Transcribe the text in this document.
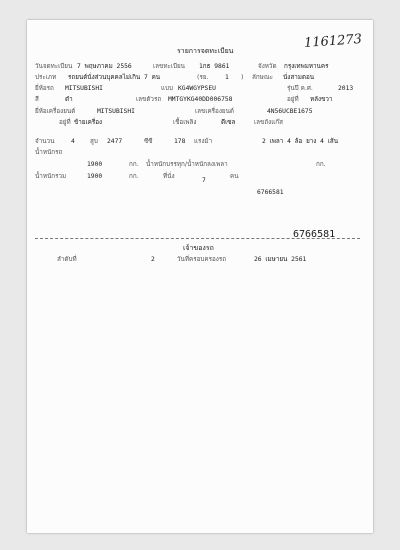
1161273
รายการจดทะเบียน
วันจดทะเบียน 7 พฤษภาคม 2556	เลขทะเบียน 1กธ 9861	จังหวัด กรุงเทพมหานคร
ประเภท รถยนต์นั่งส่วนบุคคลไม่เกิน 7 คน	(รย.	1 ) ลักษณะ นั่งสามตอน
ยี่ห้อรถ MITSUBISHI	แบบ KG4WGYPSEU	รุ่นปี ค.ศ.	2013
สี	ดำ	เลขตัวรถ MMTGYKG40DD006758	อยู่ที่ หลังขวา
ยี่ห้อเครื่องยนต์	MITSUBISHI	เลขเครื่องยนต์	4N56UCBE1675
อยู่ที่ ข้ายเครื่อง	เชื้อเพลิง	ดีเซล	เลขถังแก๊ส
จำนวน	4 สูบ 2477	ซีซี	178 แรงม้า	2 เพลา 4 ล้อ ยาง 4 เส้น
น้ำหนักรถ
1900	กก. น้ำหนักบรรทุก/น้ำหนักลงเพลา	กก.
น้ำหนักรวม	1900	กก.	ที่นั่ง
7
คน
6766581
6766581
เจ้าของรถ
ลำดับที่	2	วันที่ครอบครองรถ	26 เมษายน 2561
